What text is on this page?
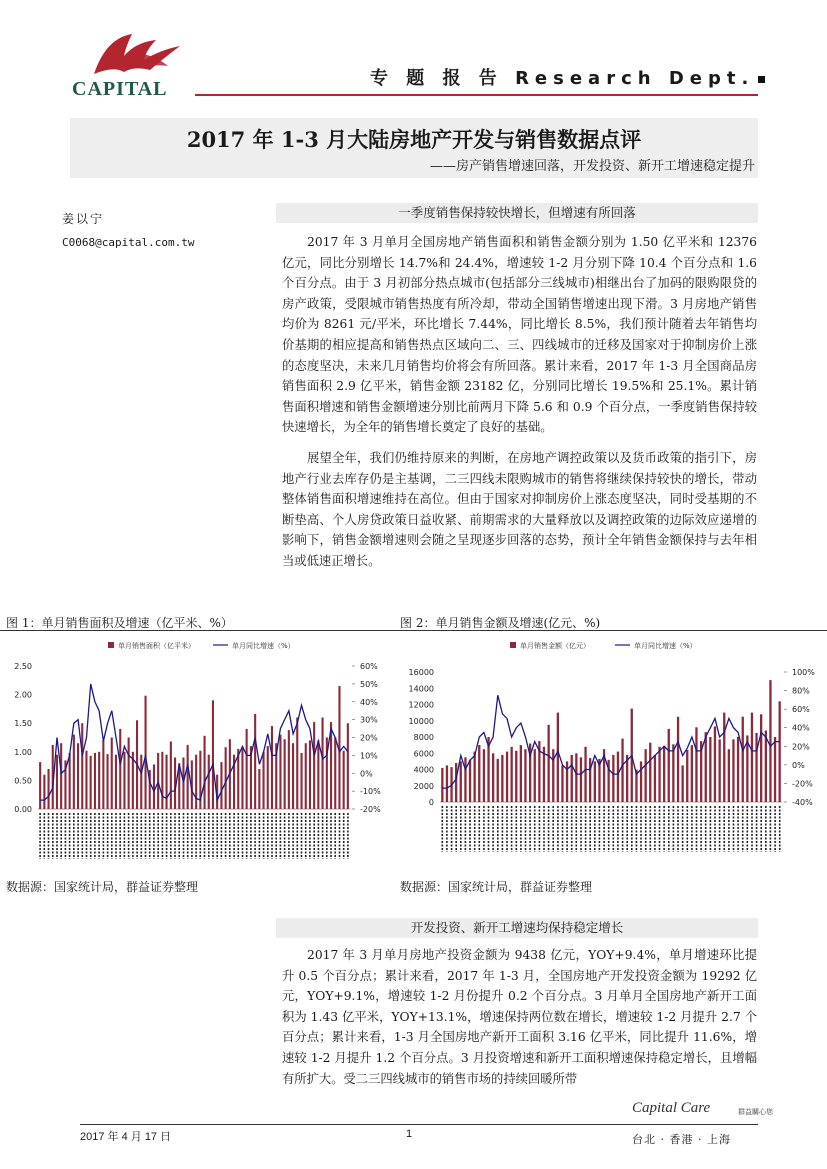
CAPITAL	专 题 报 告 Research Dept.
2017 年 1-3 月大陆房地产开发与销售数据点评
——房产销售增速回落，开发投资、新开工增速稳定提升
姜以宁
C0068@capital.com.tw
一季度销售保持较快增长，但增速有所回落

2017 年 3 月单月全国房地产销售面积和销售金额分别为 1.50 亿平米和 12376 亿元，同比分别增长 14.7%和 24.4%，增速较 1-2 月分别下降 10.4 个百分点和 1.6 个百分点。由于 3 月初部分热点城市(包括部分三线城市)相继出台了加码的限购限贷的房产政策，受限城市销售热度有所冷却，带动全国销售增速出现下滑。3 月房地产销售均价为 8261 元/平米，环比增长 7.44%，同比增长 8.5%，我们预计随着去年销售均价基期的相应提高和销售热点区域向二、三、四线城市的迁移及国家对于抑制房价上涨的态度坚决，未来几月销售均价将会有所回落。累计来看，2017 年 1-3 月全国商品房销售面积 2.9 亿平米，销售金额 23182 亿，分别同比增长 19.5%和 25.1%。累计销售面积增速和销售金额增速分别比前两月下降 5.6 和 0.9 个百分点，一季度销售保持较快速增长，为全年的销售增长奠定了良好的基础。

展望全年，我们仍维持原来的判断，在房地产调控政策以及货币政策的指引下，房地产行业去库存仍是主基调，二三四线未限购城市的销售将继续保持较快的增长，带动整体销售面积增速维持在高位。但由于国家对抑制房价上涨态度坚决，同时受基期的不断垫高、个人房贷政策日益收紧、前期需求的大量释放以及调控政策的边际效应递增的影响下，销售金额增速则会随之呈现逐步回落的态势，预计全年销售金额保持与去年相当或低速正增长。

图 1：单月销售面积及增速（亿平米、%）	图 2：单月销售金额及增速(亿元、%)
单月销售面积（亿平米）	单月同比增速（%）
2.50
2.00
1.50
1.00
0.50
0.00
60%
50%
40%
30%
20%
10%
0%
-10%
-20%
单月销售金额（亿元）	单月同比增速（%）
16000
14000
12000
10000
8000
6000
4000
2000
0
100%
80%
60%
40%
20%
0%
-20%
-40%
数据源：国家统计局，群益证券整理	数据源：国家统计局，群益证券整理
开发投资、新开工增速均保持稳定增长

2017 年 3 月单月房地产投资金额为 9438 亿元，YOY+9.4%，单月增速环比提升 0.5 个百分点；累计来看，2017 年 1-3 月，全国房地产开发投资金额为 19292 亿元，YOY+9.1%，增速较 1-2 月份提升 0.2 个百分点。3 月单月全国房地产新开工面积为 1.43 亿平米，YOY+13.1%，增速保持两位数在增长，增速较 1-2 月提升 2.7 个百分点；累计来看，1-3 月全国房地产新开工面积 3.16 亿平米，同比提升 11.6%，增速较 1-2 月提升 1.2 个百分点。3 月投资增速和新开工面积增速保持稳定增长，且增幅有所扩大。受二三四线城市的销售市场的持续回暖所带

Capital Care	群益關心您
2017 年 4 月 17 日	1	台北 · 香港 · 上海
